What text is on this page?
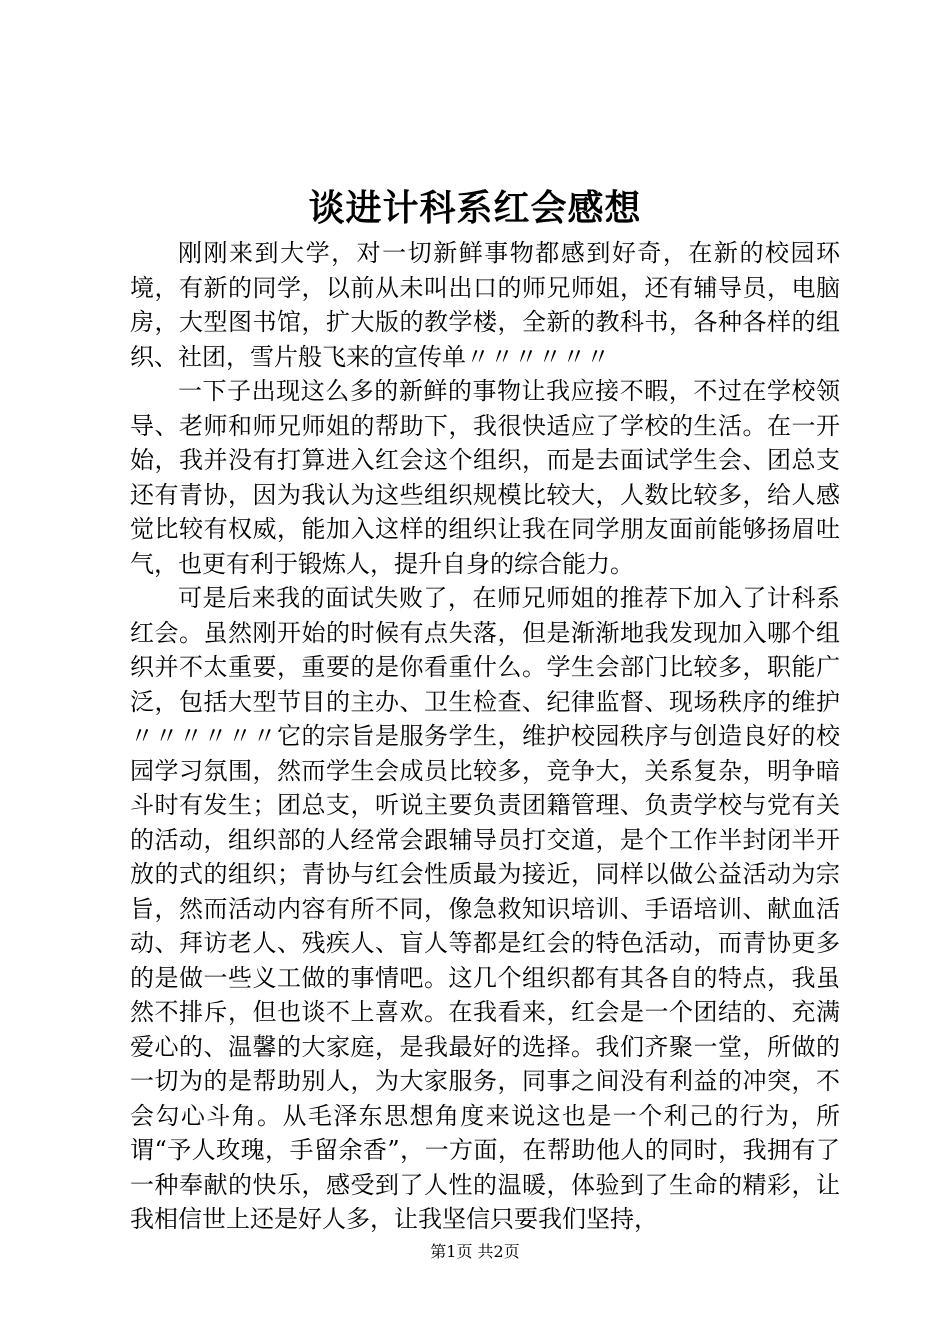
谈进计科系红会感想

刚刚来到大学，对一切新鲜事物都感到好奇，在新的校园环境，有新的同学，以前从未叫出口的师兄师姐，还有辅导员，电脑房，大型图书馆，扩大版的教学楼，全新的教科书，各种各样的组织、社团，雪片般飞来的宣传单〃〃〃〃〃〃

一下子出现这么多的新鲜的事物让我应接不暇，不过在学校领导、老师和师兄师姐的帮助下，我很快适应了学校的生活。在一开始，我并没有打算进入红会这个组织，而是去面试学生会、团总支还有青协，因为我认为这些组织规模比较大，人数比较多，给人感觉比较有权威，能加入这样的组织让我在同学朋友面前能够扬眉吐气，也更有利于锻炼人，提升自身的综合能力。

可是后来我的面试失败了，在师兄师姐的推荐下加入了计科系红会。虽然刚开始的时候有点失落，但是渐渐地我发现加入哪个组织并不太重要，重要的是你看重什么。学生会部门比较多，职能广泛，包括大型节目的主办、卫生检查、纪律监督、现场秩序的维护〃〃〃〃〃〃它的宗旨是服务学生，维护校园秩序与创造良好的校园学习氛围，然而学生会成员比较多，竞争大，关系复杂，明争暗斗时有发生；团总支，听说主要负责团籍管理、负责学校与党有关的活动，组织部的人经常会跟辅导员打交道，是个工作半封闭半开放的式的组织；青协与红会性质最为接近，同样以做公益活动为宗旨，然而活动内容有所不同，像急救知识培训、手语培训、献血活动、拜访老人、残疾人、盲人等都是红会的特色活动，而青协更多的是做一些义工做的事情吧。这几个组织都有其各自的特点，我虽然不排斥，但也谈不上喜欢。在我看来，红会是一个团结的、充满爱心的、温馨的大家庭，是我最好的选择。我们齐聚一堂，所做的一切为的是帮助别人，为大家服务，同事之间没有利益的冲突，不会勾心斗角。从毛泽东思想角度来说这也是一个利己的行为，所谓“予人玫瑰，手留余香”，一方面，在帮助他人的同时，我拥有了一种奉献的快乐，感受到了人性的温暖，体验到了生命的精彩，让我相信世上还是好人多，让我坚信只要我们坚持，

第1页 共2页
